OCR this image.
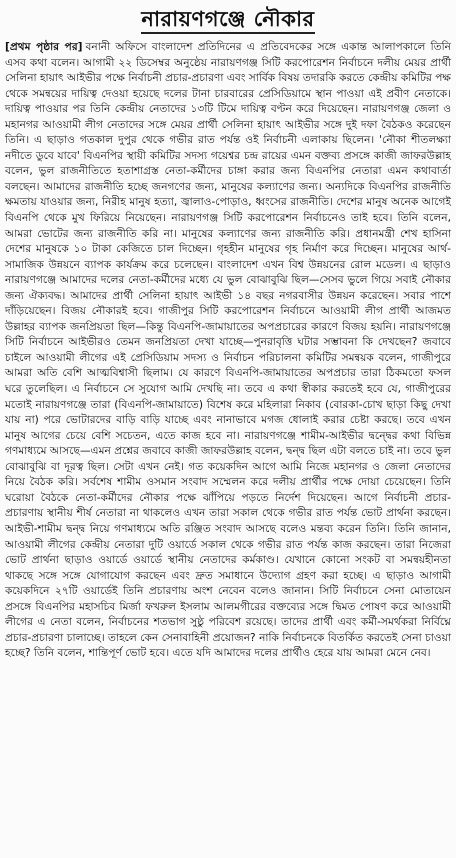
নারায়ণগঞ্জে নৌকার

[প্রথম পৃষ্ঠার পর] বনানী অফিসে বাংলাদেশ প্রতিদিনের এ প্রতিবেদকের সঙ্গে একান্ত আলাপকালে তিনি এসব কথা বলেন। আগামী ২২ ডিসেম্বর অনুষ্ঠেয় নারায়ণগঞ্জ সিটি করপোরেশন নির্বাচনে দলীয় মেয়র প্রার্থী সেলিনা হায়াৎ আইভীর পক্ষে নির্বাচনী প্রচার-প্রচারণা এবং সার্বিক বিষয় তদারকি করতে কেন্দ্রীয় কমিটির পক্ষ থেকে সমন্বয়ের দায়িত্ব দেওয়া হয়েছে দলের টানা চারবারের প্রেসিডিয়ামে স্থান পাওয়া এই প্রবীণ নেতাকে। দায়িত্ব পাওয়ার পর তিনি কেন্দ্রীয় নেতাদের ১৩টি টিমে দায়িত্ব বণ্টন করে দিয়েছেন। নারায়ণগঞ্জ জেলা ও মহানগর আওয়ামী লীগ নেতাদের সঙ্গে মেয়র প্রার্থী সেলিনা হায়াৎ আইভীর সঙ্গে দুই দফা বৈঠকও করেছেন তিনি। এ ছাড়াও গতকাল দুপুর থেকে গভীর রাত পর্যন্ত ওই নির্বাচনী এলাকায় ছিলেন। 'নৌকা শীতলক্ষ্যা নদীতে ডুবে যাবে' বিএনপির স্থায়ী কমিটির সদস্য গয়েশ্বর চন্দ্র রায়ের এমন বক্তব্য প্রসঙ্গে কাজী জাফরউল্লাহ বলেন, ভুল রাজনীতিতে হতাশাগ্রস্ত নেতা-কর্মীদের চাঙ্গা করার জন্য বিএনপির নেতারা এমন কথাবার্তা বলছেন। আমাদের রাজনীতি হচ্ছে জনগণের জন্য, মানুষের কল্যাণের জন্য। অন্যদিকে বিএনপির রাজনীতি ক্ষমতায় যাওয়ার জন্য, নিরীহ মানুষ হত্যা, জ্বালাও-পোড়াও, ধ্বংসের রাজনীতি। দেশের মানুষ অনেক আগেই বিএনপি থেকে মুখ ফিরিয়ে নিয়েছেন। নারায়ণগঞ্জ সিটি করপোরেশন নির্বাচনেও তাই হবে। তিনি বলেন, আমরা ভোটের জন্য রাজনীতি করি না। মানুষের কল্যাণের জন্য রাজনীতি করি। প্রধানমন্ত্রী শেখ হাসিনা দেশের মানুষকে ১০ টাকা কেজিতে চাল দিচ্ছেন। গৃহহীন মানুষের গৃহ নির্মাণ করে দিচ্ছেন। মানুষের আর্থ-সামাজিক উন্নয়নে ব্যাপক কার্যক্রম করে চলেছেন। বাংলাদেশ এখন বিশ্ব উন্নয়নের রোল মডেল। এ ছাড়াও নারায়ণগঞ্জে আমাদের দলের নেতা-কর্মীদের মধ্যে যে ভুল বোঝাবুঝি ছিল—সেসব ভুলে গিয়ে সবাই নৌকার জন্য ঐক্যবদ্ধ। আমাদের প্রার্থী সেলিনা হায়াৎ আইভী ১৪ বছর নগরবাসীর উন্নয়ন করেছেন। সবার পাশে দাঁড়িয়েছেন। বিজয় নৌকারই হবে। গাজীপুর সিটি করপোরেশন নির্বাচনে আওয়ামী লীগ প্রার্থী আজমত উল্লাহর ব্যাপক জনপ্রিয়তা ছিল—কিন্তু বিএনপি-জামায়াতের অপপ্রচারের কারণে বিজয় হয়নি। নারায়ণগঞ্জে সিটি নির্বাচনে আইভীরও তেমন জনপ্রিয়তা দেখা যাচ্ছে—পুনরাবৃত্তি ঘটার সম্ভাবনা কি দেখছেন? জবাবে চাইলে আওয়ামী লীগের এই প্রেসিডিয়াম সদস্য ও নির্বাচন পরিচালনা কমিটির সমন্বয়ক বলেন, গাজীপুরে আমরা অতি বেশি আত্মবিশ্বাসী ছিলাম। যে কারণে বিএনপি-জামায়াতের অপপ্রচার তারা ঠিকমতো ফসল ঘরে তুলেছিল। এ নির্বাচনে সে সুযোগ আমি দেখছি না। তবে এ কথা স্বীকার করতেই হবে যে, গাজীপুরের মতোই নারায়ণগঞ্জে তারা (বিএনপি-জামায়াতে) বিশেষ করে মহিলারা নিকাব (বোরকা-চোখ ছাড়া কিছু দেখা যায় না) পরে ভোটারদের বাড়ি বাড়ি যাচ্ছে এবং নানাভাবে মগজ ধোলাই করার চেষ্টা করছে। তবে এখন মানুষ আগের চেয়ে বেশি সচেতন, এতে কাজ হবে না। নারায়ণগঞ্জে শামীম-আইভীর দ্বন্দ্বের কথা বিভিন্ন গণমাধ্যমে আসছে—এমন প্রশ্নের জবাবে কাজী জাফরউল্লাহ বলেন, দ্বন্দ্ব ছিল এটা বলতে চাই না। তবে ভুল বোঝাবুঝি বা দূরত্ব ছিল। সেটা এখন নেই। গত কয়েকদিন আগে আমি নিজে মহানগর ও জেলা নেতাদের নিয়ে বৈঠক করি। সর্বশেষ শামীম ওসমান সংবাদ সম্মেলন করে দলীয় প্রার্থীর পক্ষে দোয়া চেয়েছেন। তিনি ঘরোয়া বৈঠকে নেতা-কর্মীদের নৌকার পক্ষে ঝাঁপিয়ে পড়তে নির্দেশ দিয়েছেন। আগে নির্বাচনী প্রচার-প্রচারণায় স্থানীয় শীর্ষ নেতারা না থাকলেও এখন তারা সকাল থেকে গভীর রাত পর্যন্ত ভোট প্রার্থনা করছেন। আইভী-শামীম দ্বন্দ্ব নিয়ে গণমাধ্যমে অতি রঞ্জিত সংবাদ আসছে বলেও মন্তব্য করেন তিনি। তিনি জানান, আওয়ামী লীগের কেন্দ্রীয় নেতারা দুটি ওয়ার্ডে সকাল থেকে গভীর রাত পর্যন্ত কাজ করছেন। তারা নিজেরা ভোট প্রার্থনা ছাড়াও ওয়ার্ডে ওয়ার্ডে স্থানীয় নেতাদের কর্মকাণ্ড। যেখানে কোনো সংকট বা সমন্বয়হীনতা থাকছে সঙ্গে সঙ্গে যোগাযোগ করছেন এবং দ্রুত সমাধানে উদ্যোগ গ্রহণ করা হচ্ছে। এ ছাড়াও আগামী কয়েকদিনে ২৭টি ওয়ার্ডেই তিনি প্রচারণায় অংশ নেবেন বলেও জানান। সিটি নির্বাচনে সেনা মোতায়েন প্রসঙ্গে বিএনপির মহাসচিব মির্জা ফখরুল ইসলাম আলমগীরের বক্তব্যের সঙ্গে দ্বিমত পোষণ করে আওয়ামী লীগের এ নেতা বলেন, নির্বাচনের শতভাগ সুষ্ঠু পরিবেশ রয়েছে। তাদের প্রার্থী এবং কর্মী-সমর্থকরা নির্বিঘ্নে প্রচার-প্রচারণা চালাচ্ছে। তাহলে কেন সেনাবাহিনী প্রয়োজন? নাকি নির্বাচনকে বিতর্কিত করতেই সেনা চাওয়া হচ্ছে? তিনি বলেন, শান্তিপূর্ণ ভোট হবে। এতে যদি আমাদের দলের প্রার্থীও হেরে যায় আমরা মেনে নেব।
